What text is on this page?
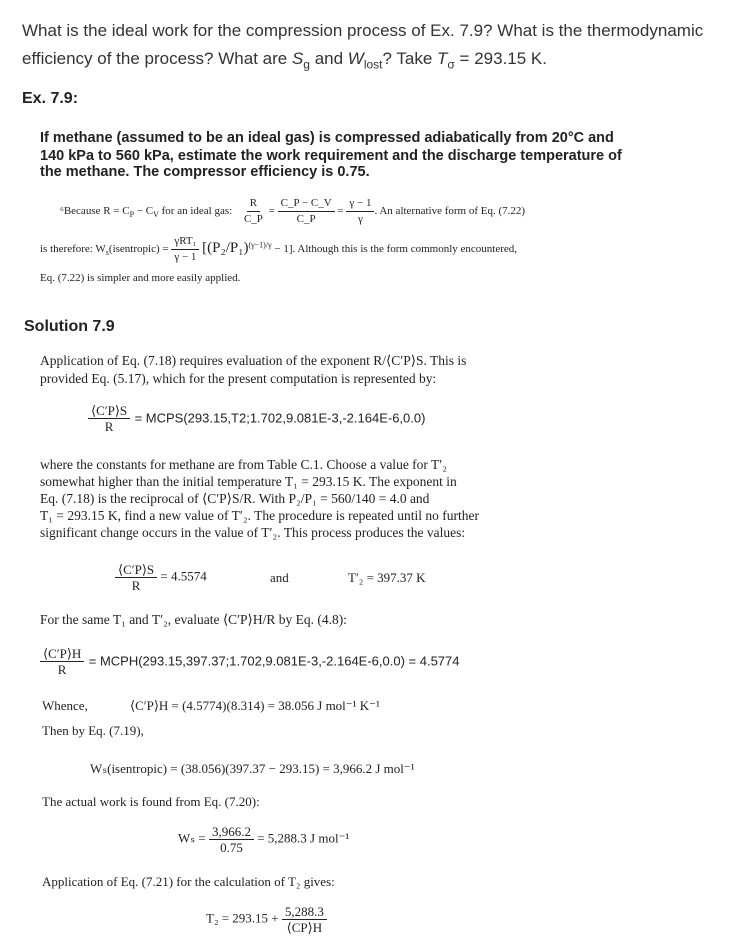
What is the ideal work for the compression process of Ex. 7.9? What is the thermodynamic
efficiency of the process? What are $S_g$ and $W_{lost}$? Take $T_\sigma = 293.15$ K.
Ex. 7.9:
If methane (assumed to be an ideal gas) is compressed adiabatically from 20°C and
140 kPa to 560 kPa, estimate the work requirement and the discharge temperature of
the methane. The compressor efficiency is 0.75.
⁶Because $R = C_P - C_V$ for an ideal gas: $\frac{R}{C\_P} = \frac{C\_P - C\_V}{C\_P} = \frac{\gamma - 1}{\gamma}$ . An alternative form of Eq. (7.22)
is therefore: $W_s(isentropic) = \frac{\text{γRT₁}}{\gamma - 1} [(P_2/P_1)^{(\gamma-1)/\gamma} - 1]$. Although this is the form commonly encountered,
Eq. (7.22) is simpler and more easily applied.
Solution 7.9
Application of Eq. (7.18) requires evaluation of the exponent R/⟨C′P⟩S. This is
provided Eq. (5.17), which for the present computation is represented by:
$\frac{⟨C'P⟩S}{R}$ = MCPS(293.15,T2;1.702,9.081E-3,-2.164E-6,0.0)
where the constants for methane are from Table C.1. Choose a value for T′₂
somewhat higher than the initial temperature T₁ = 293.15 K. The exponent in
Eq. (7.18) is the reciprocal of ⟨C′P⟩S/R. With P₂/P₁ = 560/140 = 4.0 and
T₁ = 293.15 K, find a new value of T′₂. The procedure is repeated until no further
significant change occurs in the value of T′₂. This process produces the values:
$\frac{⟨C'P⟩S}{R} = 4.5574$	and	T′₂ = 397.37 K
For the same T₁ and T′₂, evaluate ⟨C′P⟩H/R by Eq. (4.8):
$\frac{⟨C'P⟩H}{R}$ = MCPH(293.15,397.37;1.702,9.081E-3,-2.164E-6,0.0) = 4.5774
Whence,	⟨C′P⟩H = (4.5774)(8.314) = 38.056 J mol⁻¹ K⁻¹
Then by Eq. (7.19),
Wₛ(isentropic) = (38.056)(397.37 − 293.15) = 3,966.2 J mol⁻¹
The actual work is found from Eq. (7.20):
$W_s = \frac{3,966.2}{0.75} = 5,288.3$ J mol⁻¹
Application of Eq. (7.21) for the calculation of T₂ gives:
$T_2 = 293.15 + \frac{5,288.3}{⟨CP⟩H}$
